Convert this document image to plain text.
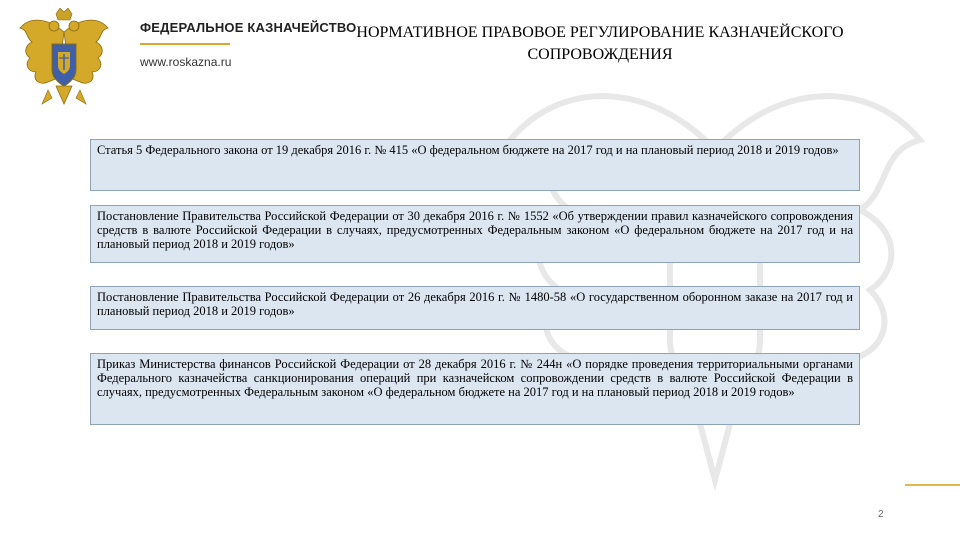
ФЕДЕРАЛЬНОЕ КАЗНАЧЕЙСТВО
www.roskazna.ru
НОРМАТИВНОЕ ПРАВОВОЕ РЕГУЛИРОВАНИЕ КАЗНАЧЕЙСКОГО СОПРОВОЖДЕНИЯ
Статья 5 Федерального закона от 19 декабря 2016 г. № 415 «О федеральном бюджете на 2017 год и на плановый период 2018 и 2019 годов»
Постановление Правительства Российской Федерации от 30 декабря 2016 г. № 1552 «Об утверждении правил казначейского сопровождения средств в валюте Российской Федерации в случаях, предусмотренных Федеральным законом «О федеральном бюджете на 2017 год и на плановый период 2018 и 2019 годов»
Постановление Правительства Российской Федерации от 26 декабря 2016 г. № 1480-58 «О государственном оборонном заказе на 2017 год и плановый период 2018 и 2019 годов»
Приказ Министерства финансов Российской Федерации от 28 декабря 2016 г. № 244н «О порядке проведения территориальными органами Федерального казначейства санкционирования операций при казначейском сопровождении средств в валюте Российской Федерации в случаях, предусмотренных Федеральным законом «О федеральном бюджете на 2017 год и на плановый период 2018 и 2019 годов»
2
